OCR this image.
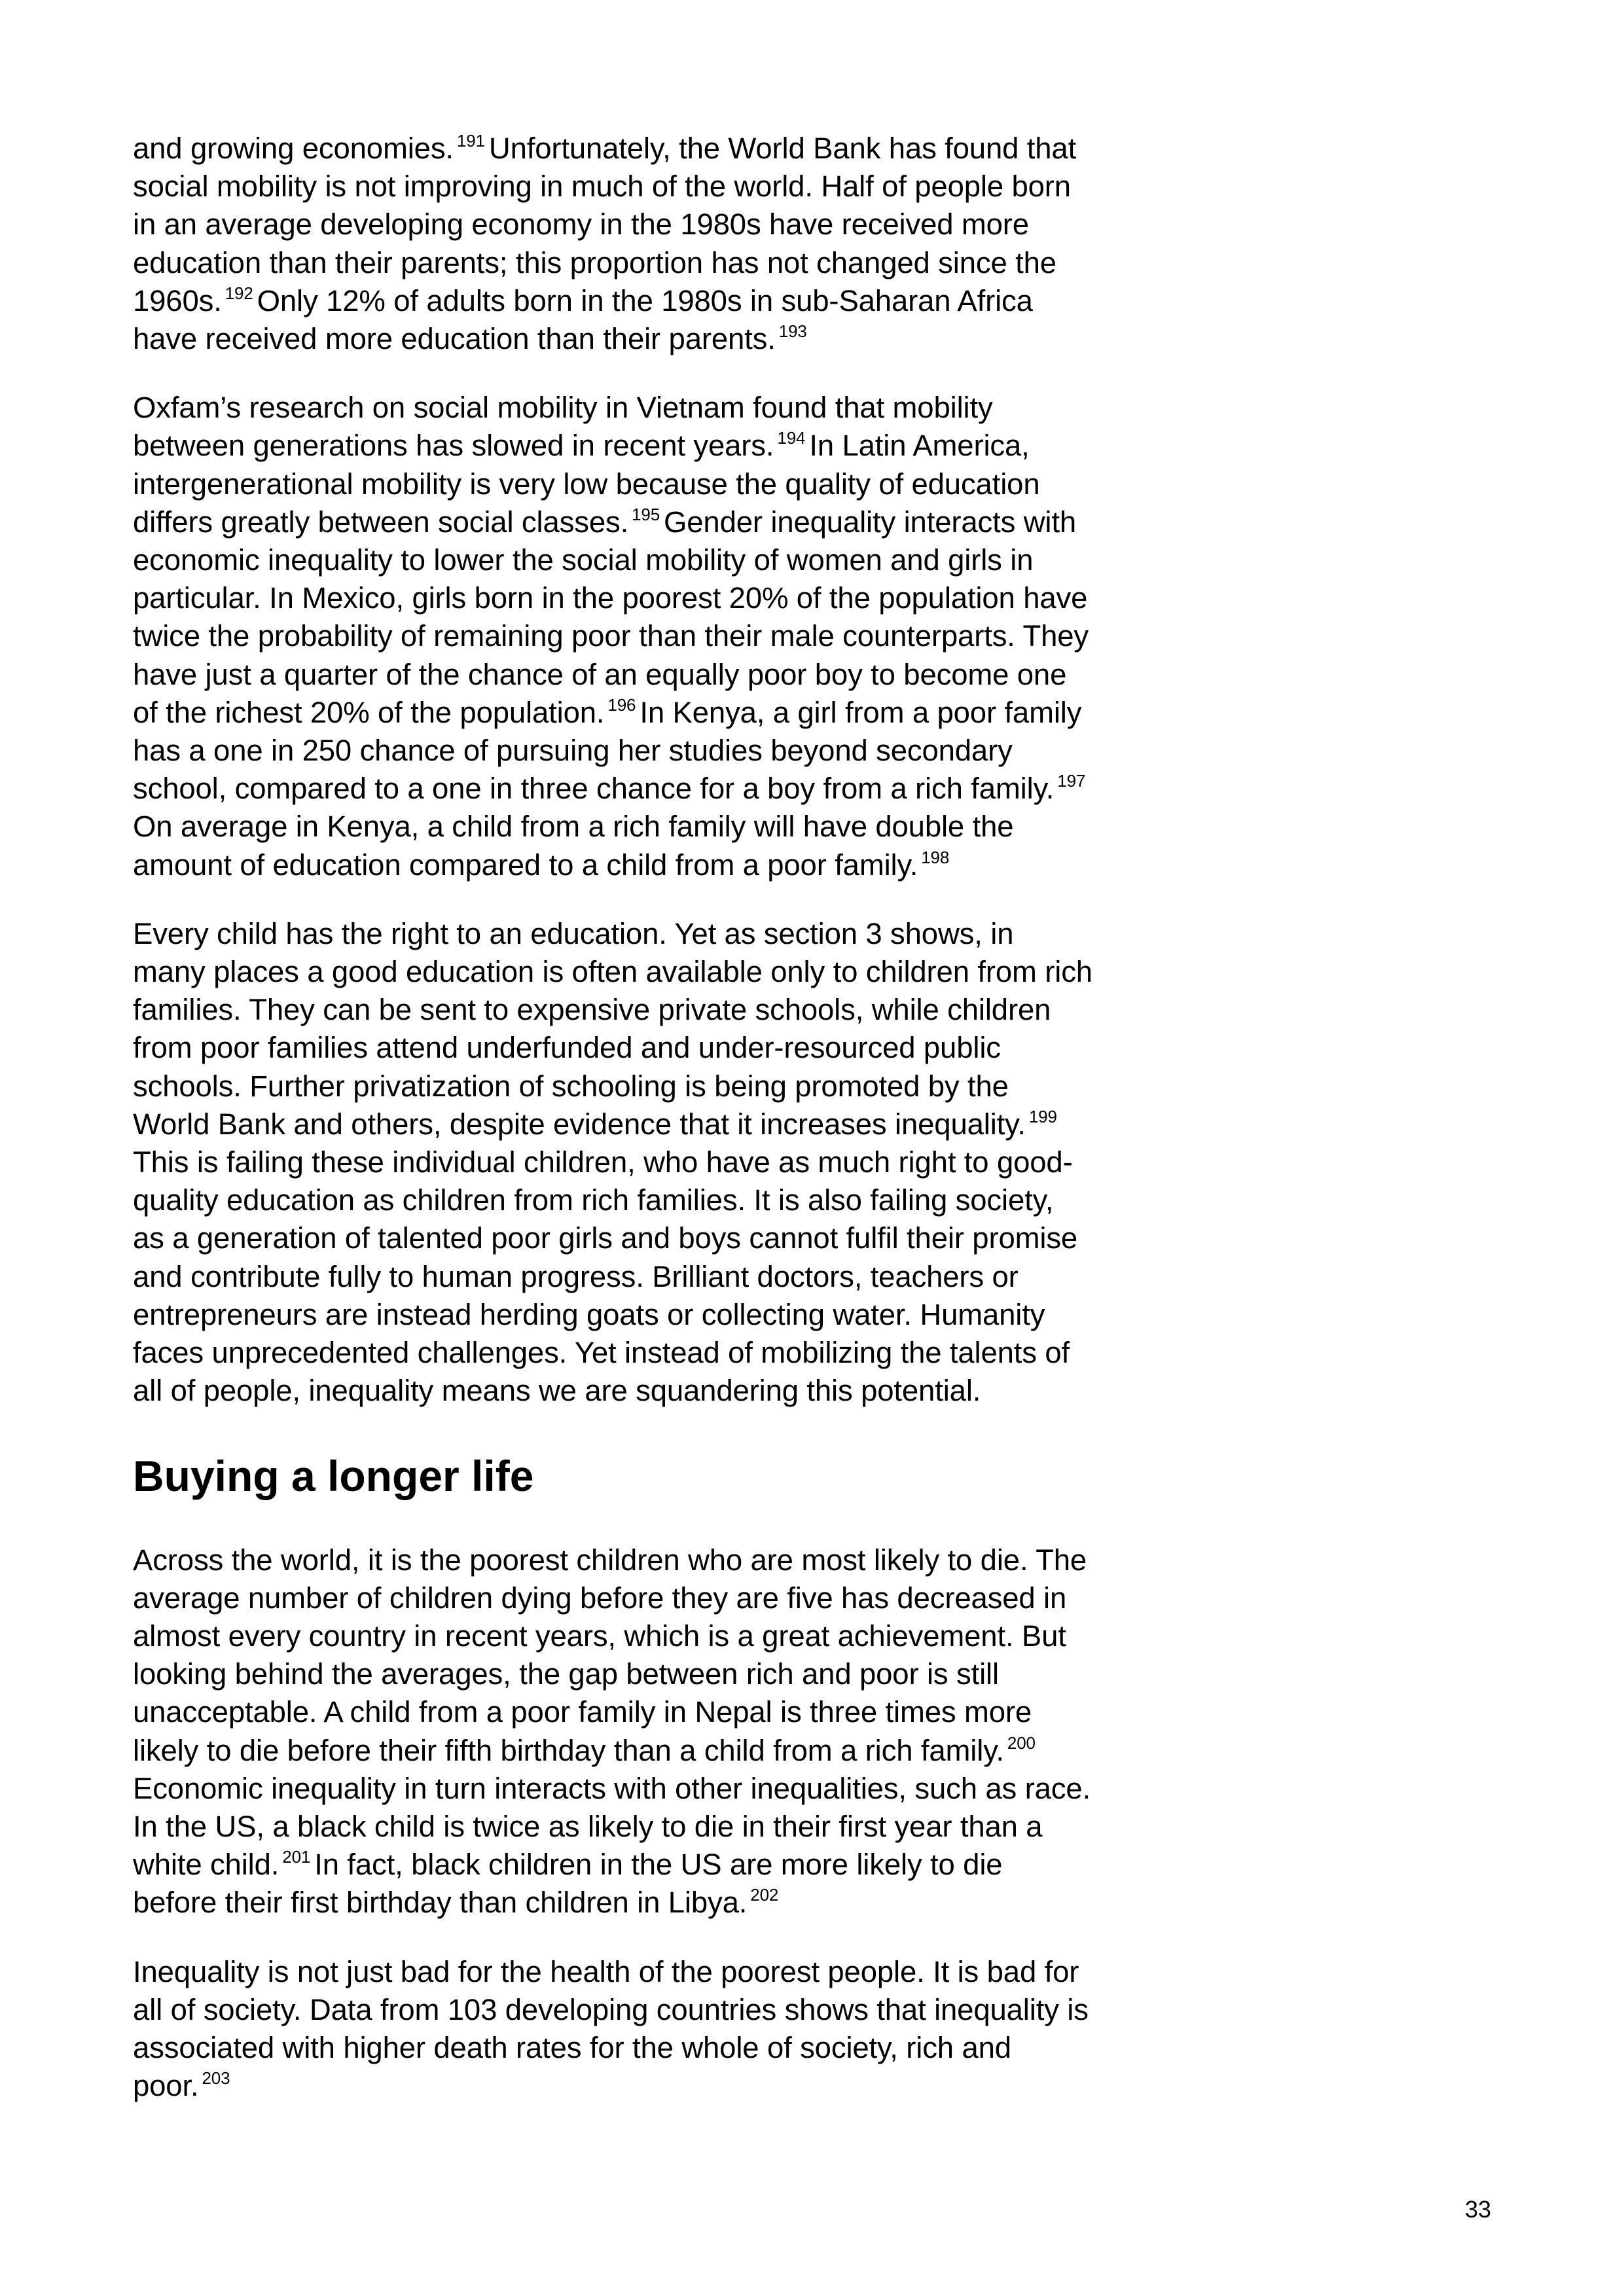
and growing economies. $^{191}$ Unfortunately, the World Bank has found that
social mobility is not improving in much of the world. Half of people born
in an average developing economy in the 1980s have received more
education than their parents; this proportion has not changed since the
1960s. $^{192}$ Only 12% of adults born in the 1980s in sub-Saharan Africa
have received more education than their parents. $^{193}$

Oxfam’s research on social mobility in Vietnam found that mobility
between generations has slowed in recent years. $^{194}$ In Latin America,
intergenerational mobility is very low because the quality of education
differs greatly between social classes. $^{195}$ Gender inequality interacts with
economic inequality to lower the social mobility of women and girls in
particular. In Mexico, girls born in the poorest 20% of the population have
twice the probability of remaining poor than their male counterparts. They
have just a quarter of the chance of an equally poor boy to become one
of the richest 20% of the population. $^{196}$ In Kenya, a girl from a poor family
has a one in 250 chance of pursuing her studies beyond secondary
school, compared to a one in three chance for a boy from a rich family. $^{197}$
On average in Kenya, a child from a rich family will have double the
amount of education compared to a child from a poor family. $^{198}$

Every child has the right to an education. Yet as section 3 shows, in
many places a good education is often available only to children from rich
families. They can be sent to expensive private schools, while children
from poor families attend underfunded and under-resourced public
schools. Further privatization of schooling is being promoted by the
World Bank and others, despite evidence that it increases inequality. $^{199}$
This is failing these individual children, who have as much right to good-
quality education as children from rich families. It is also failing society,
as a generation of talented poor girls and boys cannot fulfil their promise
and contribute fully to human progress. Brilliant doctors, teachers or
entrepreneurs are instead herding goats or collecting water. Humanity
faces unprecedented challenges. Yet instead of mobilizing the talents of
all of people, inequality means we are squandering this potential.

Buying a longer life

Across the world, it is the poorest children who are most likely to die. The
average number of children dying before they are five has decreased in
almost every country in recent years, which is a great achievement. But
looking behind the averages, the gap between rich and poor is still
unacceptable. A child from a poor family in Nepal is three times more
likely to die before their fifth birthday than a child from a rich family. $^{200}$
Economic inequality in turn interacts with other inequalities, such as race.
In the US, a black child is twice as likely to die in their first year than a
white child. $^{201}$ In fact, black children in the US are more likely to die
before their first birthday than children in Libya. $^{202}$

Inequality is not just bad for the health of the poorest people. It is bad for
all of society. Data from 103 developing countries shows that inequality is
associated with higher death rates for the whole of society, rich and
poor. $^{203}$

33
